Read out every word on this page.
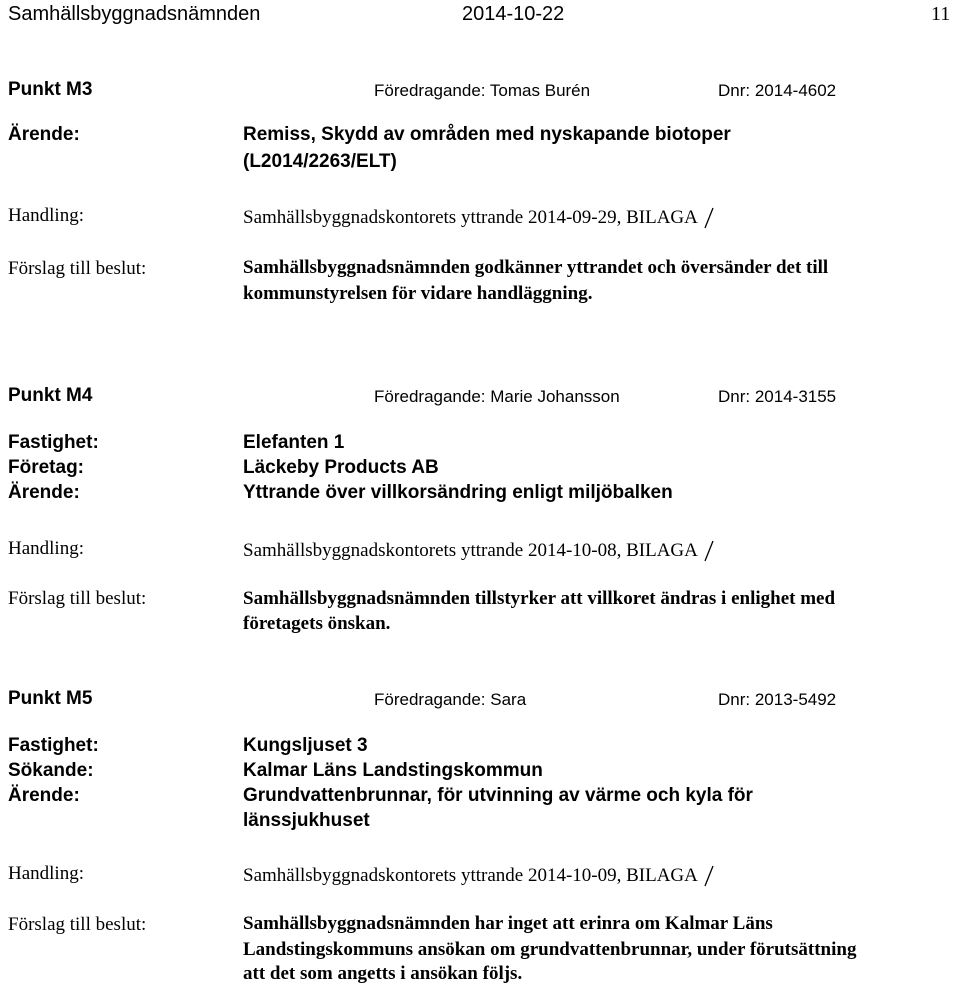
Samhällsbyggnadsnämnden	2014-10-22	11
Punkt M3	Föredragande: Tomas Burén	Dnr: 2014-4602
Ärende:	Remiss, Skydd av områden med nyskapande biotoper
(L2014/2263/ELT)
Handling:	Samhällsbyggnadskontorets yttrande 2014-09-29, BILAGA
Förslag till beslut:	Samhällsbyggnadsnämnden godkänner yttrandet och översänder det till
kommunstyrelsen för vidare handläggning.
Punkt M4	Föredragande: Marie Johansson	Dnr: 2014-3155
Fastighet:	Elefanten 1
Företag:	Läckeby Products AB
Ärende:	Yttrande över villkorsändring enligt miljöbalken
Handling:	Samhällsbyggnadskontorets yttrande 2014-10-08, BILAGA
Förslag till beslut:	Samhällsbyggnadsnämnden tillstyrker att villkoret ändras i enlighet med
företagets önskan.
Punkt M5	Föredragande: Sara	Dnr: 2013-5492
Fastighet:	Kungsljuset 3
Sökande:	Kalmar Läns Landstingskommun
Ärende:	Grundvattenbrunnar, för utvinning av värme och kyla för
länssjukhuset
Handling:	Samhällsbyggnadskontorets yttrande 2014-10-09, BILAGA
Förslag till beslut:	Samhällsbyggnadsnämnden har inget att erinra om Kalmar Läns
Landstingskommuns ansökan om grundvattenbrunnar, under förutsättning
att det som angetts i ansökan följs.
